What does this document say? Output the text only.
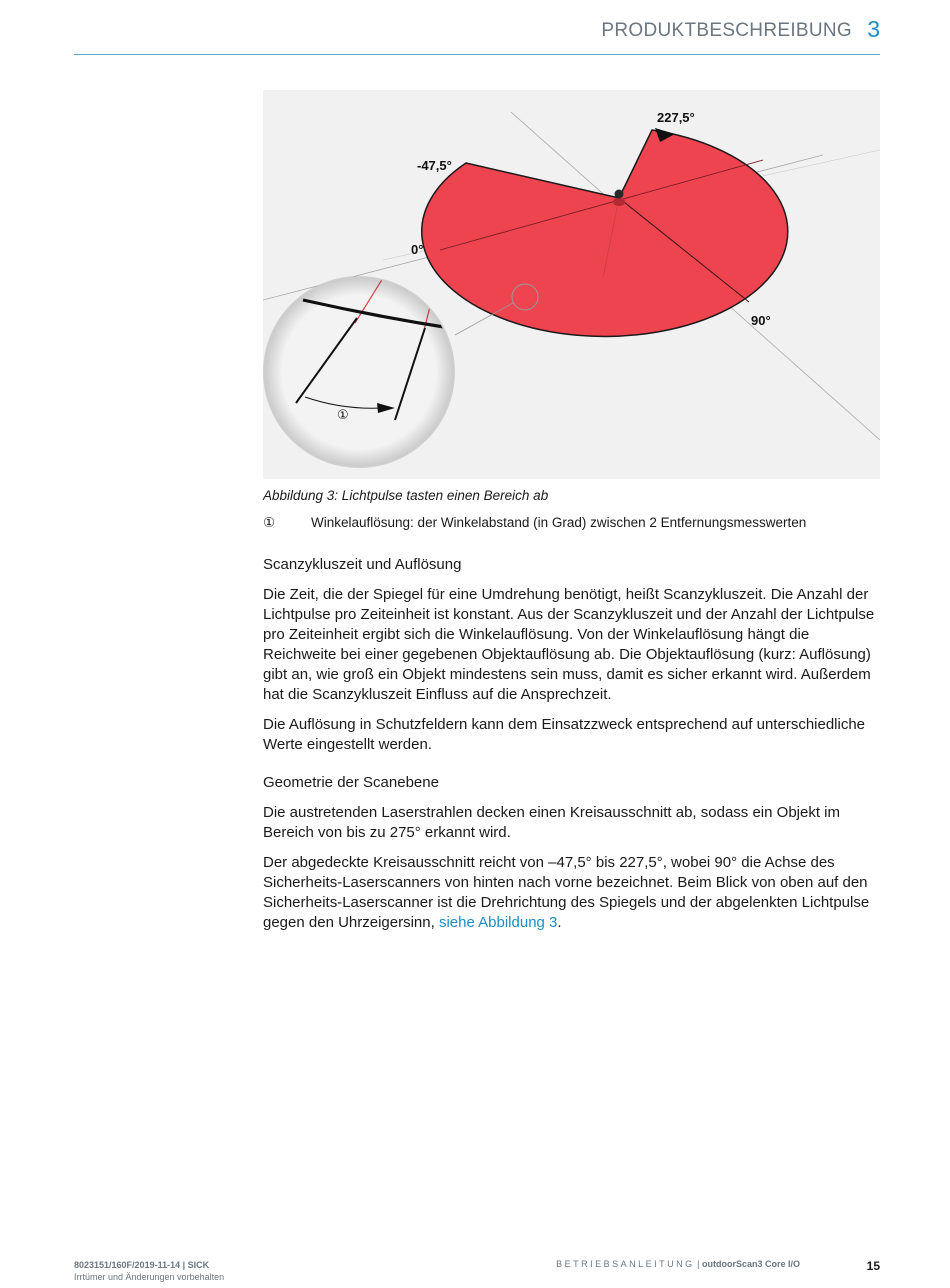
PRODUKTBESCHREIBUNG 3
227,5°
-47,5°
0°
90°
①
Abbildung 3: Lichtpulse tasten einen Bereich ab
①	Winkelauflösung: der Winkelabstand (in Grad) zwischen 2 Entfernungsmesswerten
Scanzykluszeit und Auflösung

Die Zeit, die der Spiegel für eine Umdrehung benötigt, heißt Scanzykluszeit. Die Anzahl der Lichtpulse pro Zeiteinheit ist konstant. Aus der Scanzykluszeit und der Anzahl der Lichtpulse pro Zeiteinheit ergibt sich die Winkelauflösung. Von der Winkelauflösung hängt die Reichweite bei einer gegebenen Objektauflösung ab. Die Objektauflösung (kurz: Auflösung) gibt an, wie groß ein Objekt mindestens sein muss, damit es sicher erkannt wird. Außerdem hat die Scanzykluszeit Einfluss auf die Ansprechzeit.

Die Auflösung in Schutzfeldern kann dem Einsatzzweck entsprechend auf unterschiedliche Werte eingestellt werden.

Geometrie der Scanebene

Die austretenden Laserstrahlen decken einen Kreisausschnitt ab, sodass ein Objekt im Bereich von bis zu 275° erkannt wird.

Der abgedeckte Kreisausschnitt reicht von –47,5° bis 227,5°, wobei 90° die Achse des Sicherheits-Laserscanners von hinten nach vorne bezeichnet. Beim Blick von oben auf den Sicherheits-Laserscanner ist die Drehrichtung des Spiegels und der abgelenkten Lichtpulse gegen den Uhrzeigersinn, siehe Abbildung 3.

8023151/160F/2019-11-14 | SICK
Irrtümer und Änderungen vorbehalten
BETRIEBSANLEITUNG | outdoorScan3 Core I/O	15
